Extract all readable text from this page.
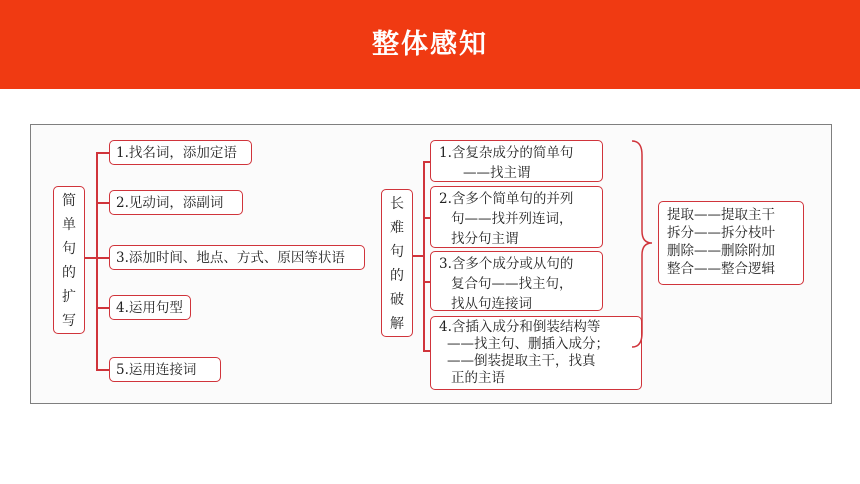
整体感知
简
单
句
的
扩
写
1.找名词，添加定语
2.见动词，添副词
3.添加时间、地点、方式、原因等状语
4.运用句型
5.运用连接词
长
难
句
的
破
解
1.含复杂成分的简单句
——找主谓
2.含多个简单句的并列
句——找并列连词，
找分句主谓
3.含多个成分或从句的
复合句——找主句，
找从句连接词
4.含插入成分和倒装结构等
——找主句、删插入成分；
——倒装提取主干，找真
正的主语
提取——提取主干
拆分——拆分枝叶
删除——删除附加
整合——整合逻辑
